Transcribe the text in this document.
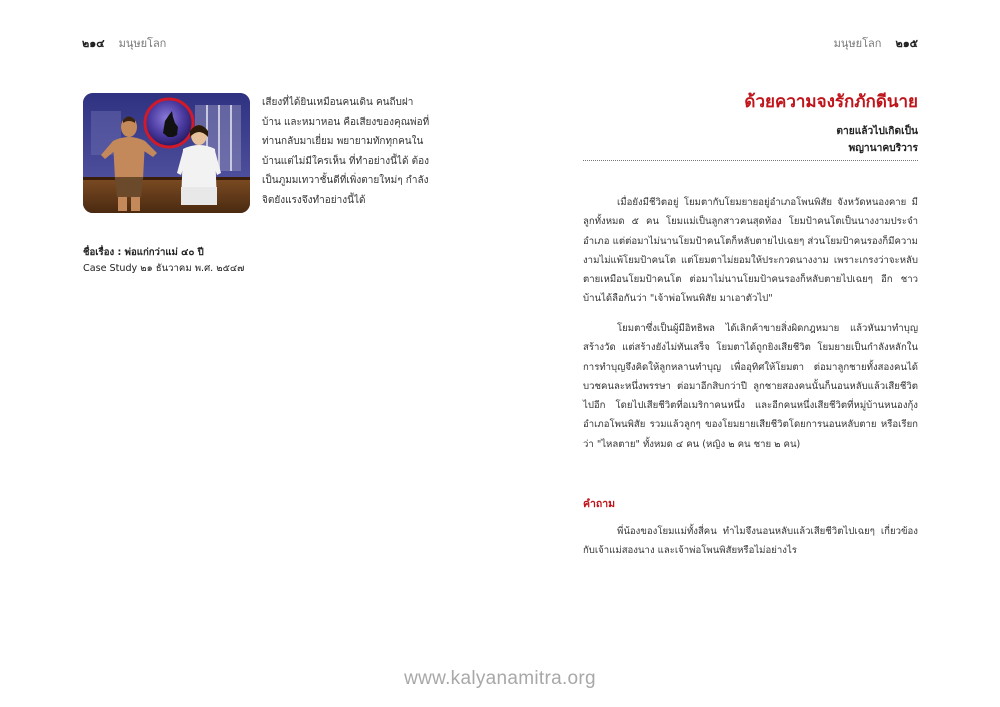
๒๑๔ มนุษยโลก
เสียงที่ได้ยินเหมือนคนเดิน คนถีบฝาบ้าน และหมาหอน คือเสียงของคุณพ่อที่ท่านกลับมาเยี่ยม พยายามทักทุกคนในบ้านแต่ไม่มีใครเห็น ที่ทำอย่างนี้ได้ ต้องเป็นภูมมเทวาชั้นดีที่เพิ่งตายใหม่ๆ กำลังจิตยังแรงจึงทำอย่างนี้ได้
ชื่อเรื่อง : พ่อแก่กว่าแม่ ๔๐ ปี
Case Study ๒๑ ธันวาคม พ.ศ. ๒๕๔๗
มนุษยโลก ๒๑๕
ด้วยความจงรักภักดีนาย
ตายแล้วไปเกิดเป็น
พญานาคบริวาร

เมื่อยังมีชีวิตอยู่ โยมตากับโยมยายอยู่อำเภอโพนพิสัย จังหวัดหนองคาย มีลูกทั้งหมด ๕ คน โยมแม่เป็นลูกสาวคนสุดท้อง โยมป้าคนโตเป็นนางงามประจำอำเภอ แต่ต่อมาไม่นานโยมป้าคนโตก็หลับตายไปเฉยๆ ส่วนโยมป้าคนรองก็มีความงามไม่แพ้โยมป้าคนโต แต่โยมตาไม่ยอมให้ประกวดนางงาม เพราะเกรงว่าจะหลับตายเหมือนโยมป้าคนโต ต่อมาไม่นานโยมป้าคนรองก็หลับตายไปเฉยๆ อีก ชาวบ้านได้ลือกันว่า "เจ้าพ่อโพนพิสัย มาเอาตัวไป"

โยมตาซึ่งเป็นผู้มีอิทธิพล ได้เลิกค้าขายสิ่งผิดกฎหมาย แล้วหันมาทำบุญสร้างวัด แต่สร้างยังไม่ทันเสร็จ โยมตาได้ถูกยิงเสียชีวิต โยมยายเป็นกำลังหลักในการทำบุญจึงคิดให้ลูกหลานทำบุญ เพื่ออุทิศให้โยมตา ต่อมาลูกชายทั้งสองคนได้บวชคนละหนึ่งพรรษา ต่อมาอีกสิบกว่าปี ลูกชายสองคนนั้นก็นอนหลับแล้วเสียชีวิตไปอีก โดยไปเสียชีวิตที่อเมริกาคนหนึ่ง และอีกคนหนึ่งเสียชีวิตที่หมู่บ้านหนองกุ้ง อำเภอโพนพิสัย รวมแล้วลูกๆ ของโยมยายเสียชีวิตโดยการนอนหลับตาย หรือเรียกว่า "ไหลตาย" ทั้งหมด ๔ คน (หญิง ๒ คน ชาย ๒ คน)

คำถาม

พี่น้องของโยมแม่ทั้งสี่คน ทำไมจึงนอนหลับแล้วเสียชีวิตไปเฉยๆ เกี่ยวข้องกับเจ้าแม่สองนาง และเจ้าพ่อโพนพิสัยหรือไม่อย่างไร

www.kalyanamitra.org
